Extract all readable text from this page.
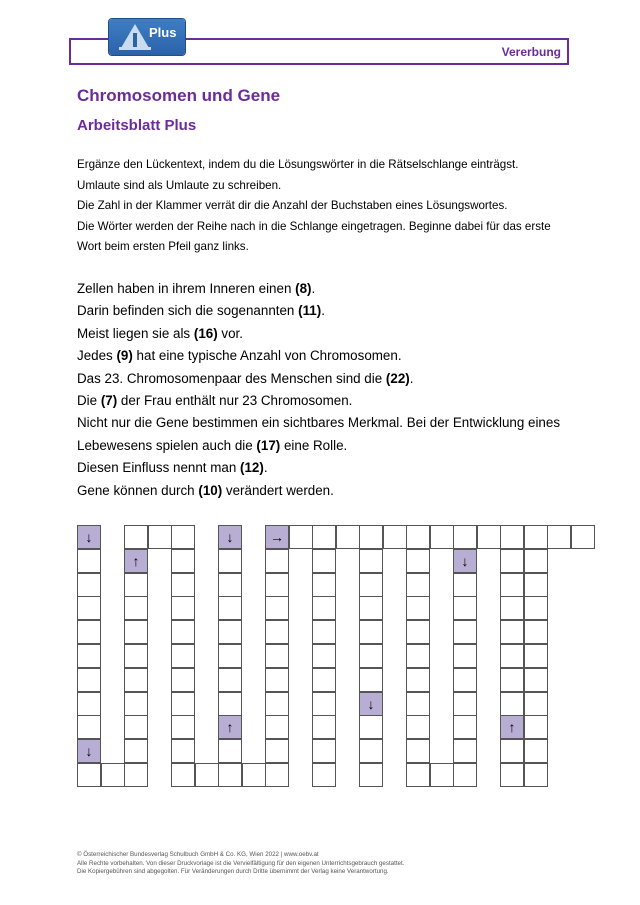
Vererbung
Plus
Chromosomen und Gene
Arbeitsblatt Plus
Ergänze den Lückentext, indem du die Lösungswörter in die Rätselschlange einträgst.
Umlaute sind als Umlaute zu schreiben.
Die Zahl in der Klammer verrät dir die Anzahl der Buchstaben eines Lösungswortes.
Die Wörter werden der Reihe nach in die Schlange eingetragen. Beginne dabei für das erste
Wort beim ersten Pfeil ganz links.
Zellen haben in ihrem Inneren einen (8).
Darin befinden sich die sogenannten (11).
Meist liegen sie als (16) vor.
Jedes (9) hat eine typische Anzahl von Chromosomen.
Das 23. Chromosomenpaar des Menschen sind die (22).
Die (7) der Frau enthält nur 23 Chromosomen.
Nicht nur die Gene bestimmen ein sichtbares Merkmal. Bei der Entwicklung eines
Lebewesens spielen auch die (17) eine Rolle.
Diesen Einfluss nennt man (12).
Gene können durch (10) verändert werden.
↓	↓	→
↑
↓
↑
↓
↓
↑
© Österreichischer Bundesverlag Schulbuch GmbH & Co. KG, Wien 2022 | www.oebv.at
Alle Rechte vorbehalten. Von dieser Druckvorlage ist die Vervielfältigung für den eigenen Unterrichtsgebrauch gestattet.
Die Kopiergebühren sind abgegolten. Für Veränderungen durch Dritte übernimmt der Verlag keine Verantwortung.
